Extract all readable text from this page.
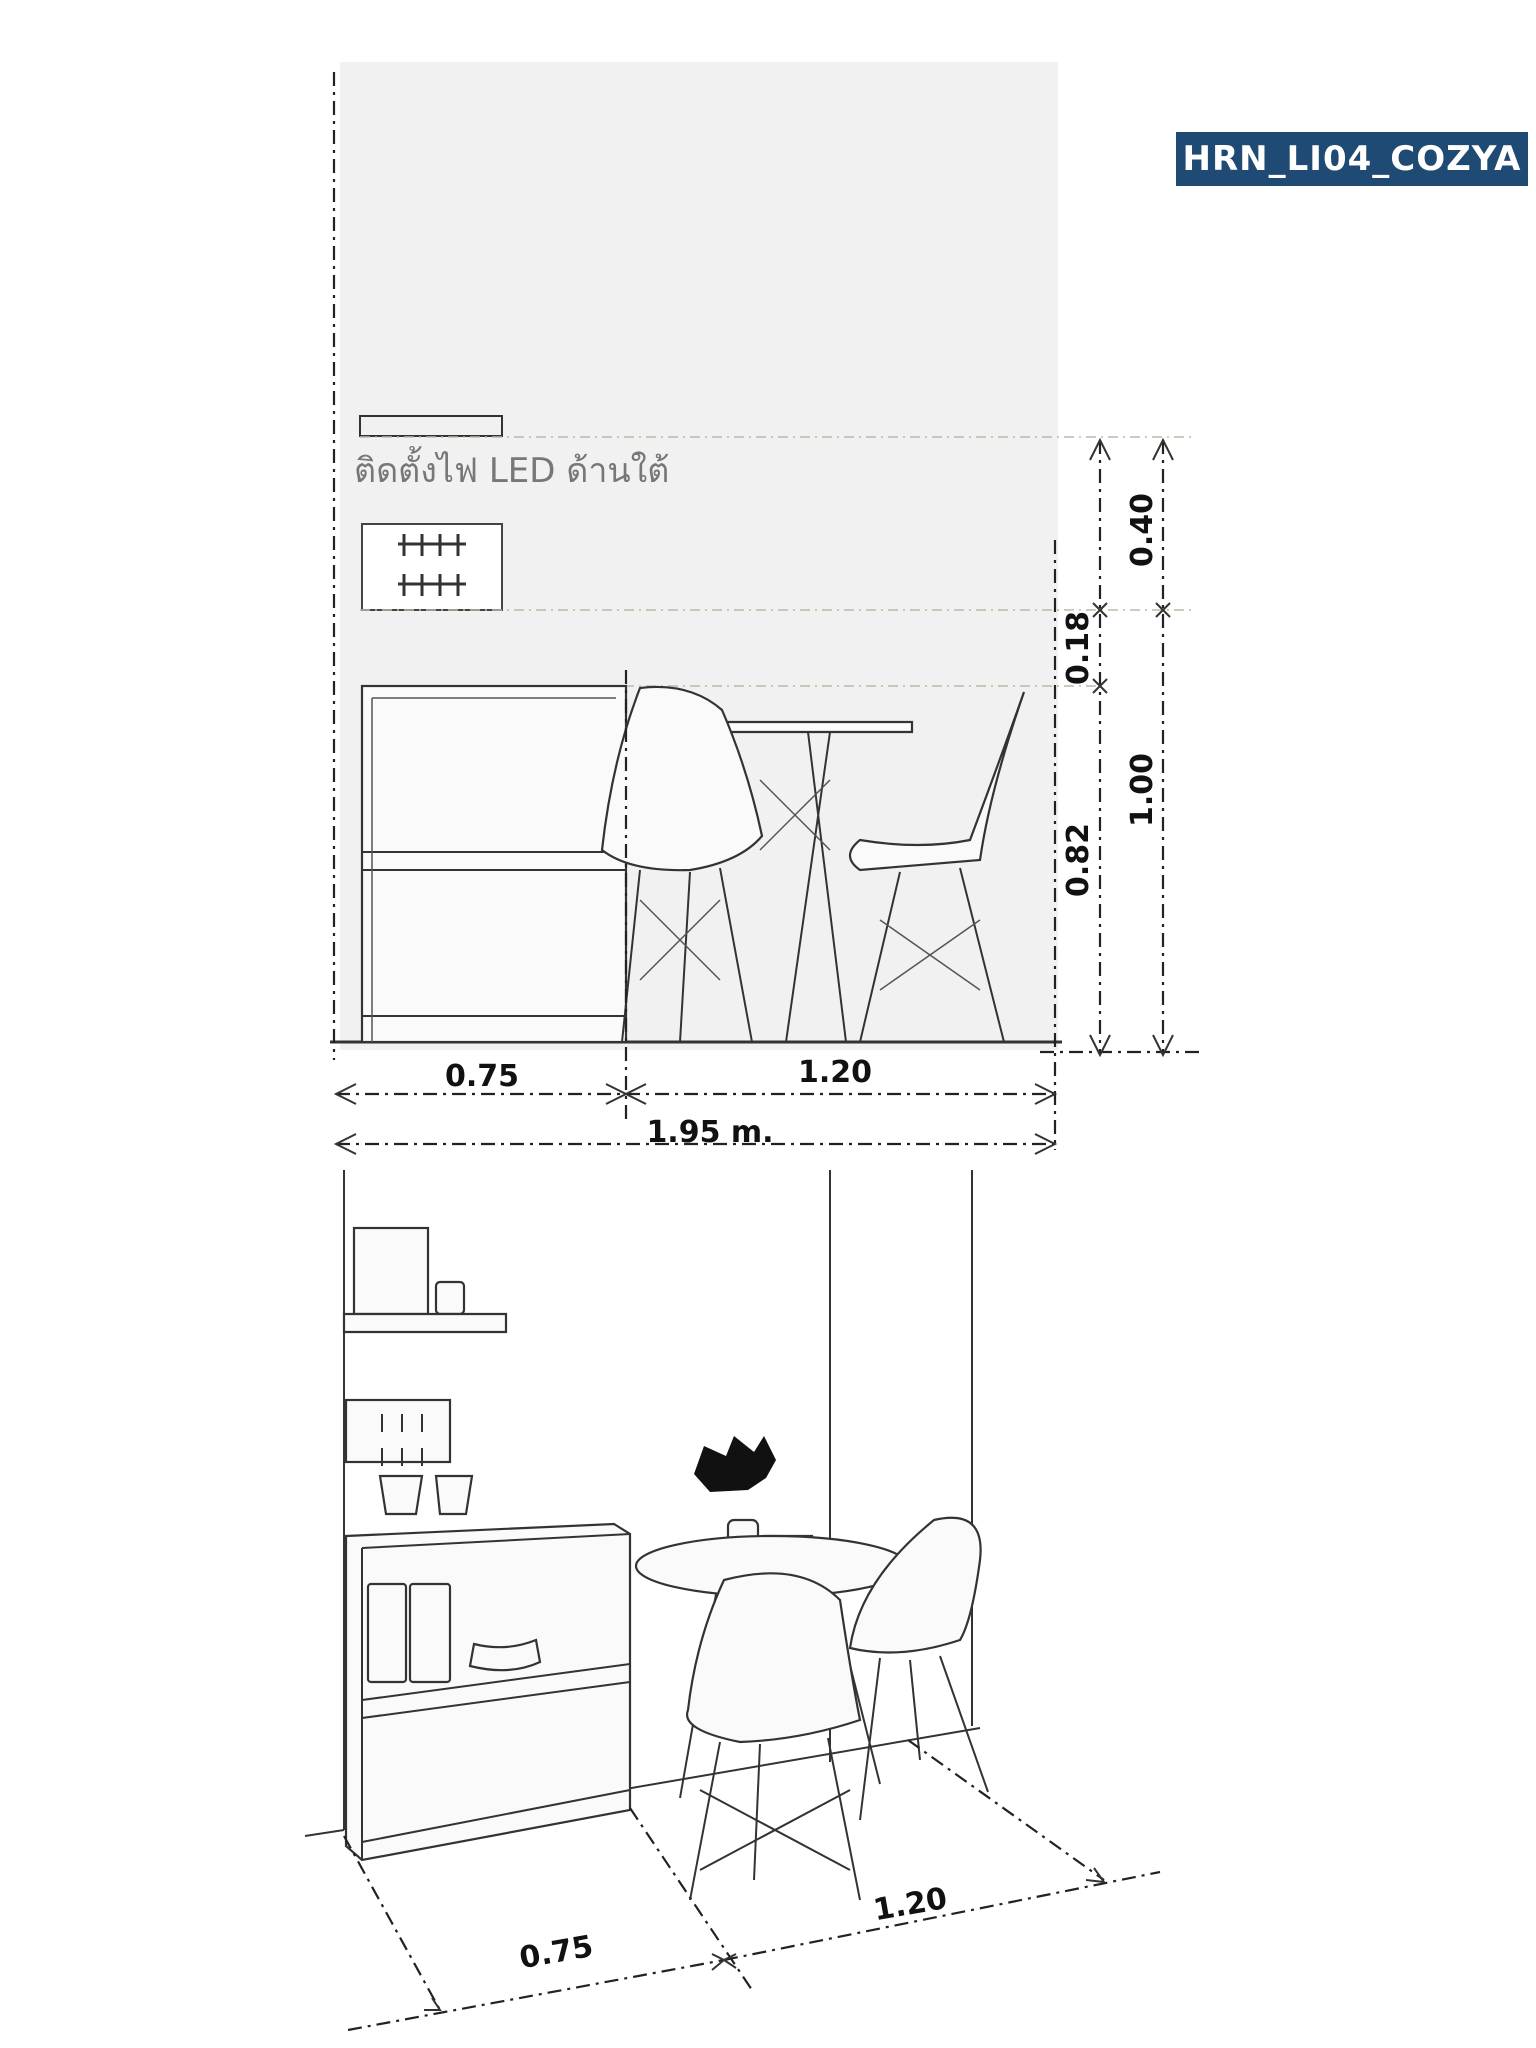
HRN_LI04_COZYA
ติดตั้งไฟ LED ด้านใต้
0.75	1.20
1.95 m.
0.40
0.18
0.82
1.00
0.75
1.20
